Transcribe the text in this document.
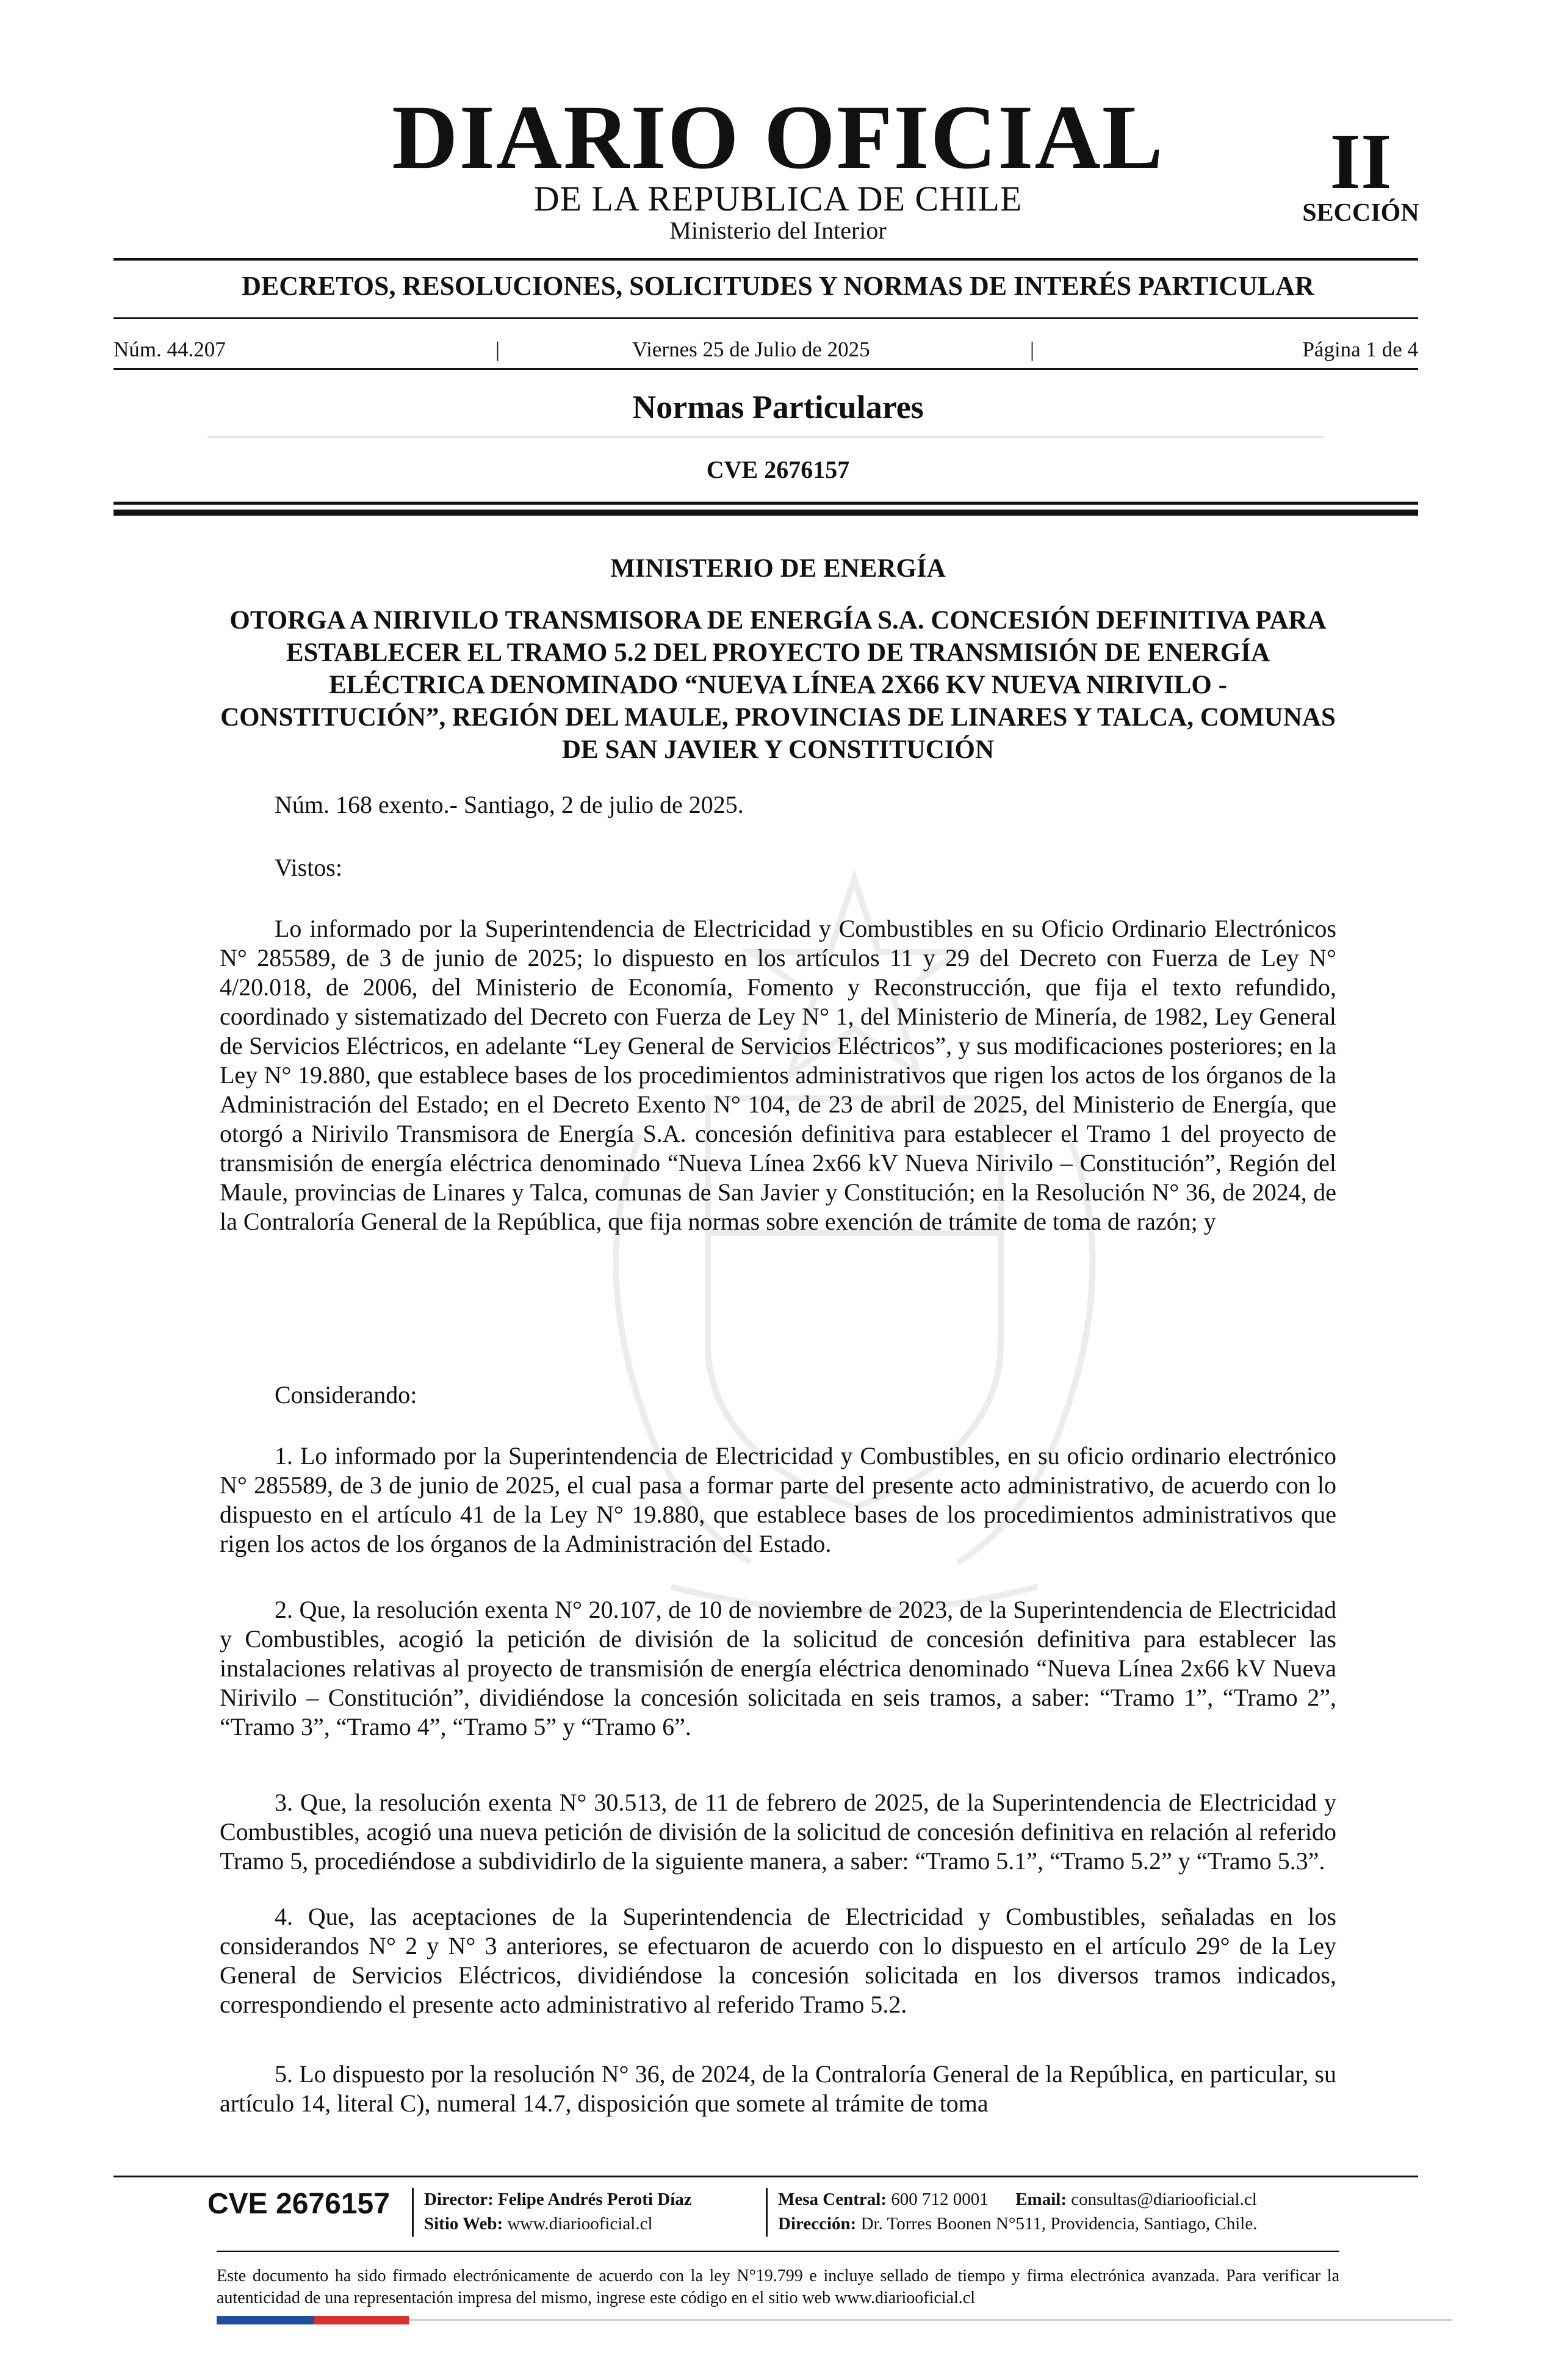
DIARIO OFICIAL
DE LA REPUBLICA DE CHILE
Ministerio del Interior
II
SECCIÓN
DECRETOS, RESOLUCIONES, SOLICITUDES Y NORMAS DE INTERÉS PARTICULAR
Núm. 44.207	|	Viernes 25 de Julio de 2025	|	Página 1 de 4
Normas Particulares
CVE 2676157
MINISTERIO DE ENERGÍA
OTORGA A NIRIVILO TRANSMISORA DE ENERGÍA S.A. CONCESIÓN DEFINITIVA PARA ESTABLECER EL TRAMO 5.2 DEL PROYECTO DE TRANSMISIÓN DE ENERGÍA ELÉCTRICA DENOMINADO “NUEVA LÍNEA 2X66 KV NUEVA NIRIVILO - CONSTITUCIÓN”, REGIÓN DEL MAULE, PROVINCIAS DE LINARES Y TALCA, COMUNAS DE SAN JAVIER Y CONSTITUCIÓN
Núm. 168 exento.- Santiago, 2 de julio de 2025.
Vistos:
Lo informado por la Superintendencia de Electricidad y Combustibles en su Oficio Ordinario Electrónicos N° 285589, de 3 de junio de 2025; lo dispuesto en los artículos 11 y 29 del Decreto con Fuerza de Ley N° 4/20.018, de 2006, del Ministerio de Economía, Fomento y Reconstrucción, que fija el texto refundido, coordinado y sistematizado del Decreto con Fuerza de Ley N° 1, del Ministerio de Minería, de 1982, Ley General de Servicios Eléctricos, en adelante “Ley General de Servicios Eléctricos”, y sus modificaciones posteriores; en la Ley N° 19.880, que establece bases de los procedimientos administrativos que rigen los actos de los órganos de la Administración del Estado; en el Decreto Exento N° 104, de 23 de abril de 2025, del Ministerio de Energía, que otorgó a Nirivilo Transmisora de Energía S.A. concesión definitiva para establecer el Tramo 1 del proyecto de transmisión de energía eléctrica denominado “Nueva Línea 2x66 kV Nueva Nirivilo – Constitución”, Región del Maule, provincias de Linares y Talca, comunas de San Javier y Constitución; en la Resolución N° 36, de 2024, de la Contraloría General de la República, que fija normas sobre exención de trámite de toma de razón; y
Considerando:
1. Lo informado por la Superintendencia de Electricidad y Combustibles, en su oficio ordinario electrónico N° 285589, de 3 de junio de 2025, el cual pasa a formar parte del presente acto administrativo, de acuerdo con lo dispuesto en el artículo 41 de la Ley N° 19.880, que establece bases de los procedimientos administrativos que rigen los actos de los órganos de la Administración del Estado.
2. Que, la resolución exenta N° 20.107, de 10 de noviembre de 2023, de la Superintendencia de Electricidad y Combustibles, acogió la petición de división de la solicitud de concesión definitiva para establecer las instalaciones relativas al proyecto de transmisión de energía eléctrica denominado “Nueva Línea 2x66 kV Nueva Nirivilo – Constitución”, dividiéndose la concesión solicitada en seis tramos, a saber: “Tramo 1”, “Tramo 2”, “Tramo 3”, “Tramo 4”, “Tramo 5” y “Tramo 6”.
3. Que, la resolución exenta N° 30.513, de 11 de febrero de 2025, de la Superintendencia de Electricidad y Combustibles, acogió una nueva petición de división de la solicitud de concesión definitiva en relación al referido Tramo 5, procediéndose a subdividirlo de la siguiente manera, a saber: “Tramo 5.1”, “Tramo 5.2” y “Tramo 5.3”.
4. Que, las aceptaciones de la Superintendencia de Electricidad y Combustibles, señaladas en los considerandos N° 2 y N° 3 anteriores, se efectuaron de acuerdo con lo dispuesto en el artículo 29° de la Ley General de Servicios Eléctricos, dividiéndose la concesión solicitada en los diversos tramos indicados, correspondiendo el presente acto administrativo al referido Tramo 5.2.
5. Lo dispuesto por la resolución N° 36, de 2024, de la Contraloría General de la República, en particular, su artículo 14, literal C), numeral 14.7, disposición que somete al trámite de toma
CVE 2676157 Director: Felipe Andrés Peroti Díaz
Sitio Web: www.diariooficial.cl
Mesa Central: 600 712 0001 Email: consultas@diariooficial.cl
Dirección: Dr. Torres Boonen N°511, Providencia, Santiago, Chile.
Este documento ha sido firmado electrónicamente de acuerdo con la ley N°19.799 e incluye sellado de tiempo y firma electrónica avanzada. Para verificar la autenticidad de una representación impresa del mismo, ingrese este código en el sitio web www.diariooficial.cl
